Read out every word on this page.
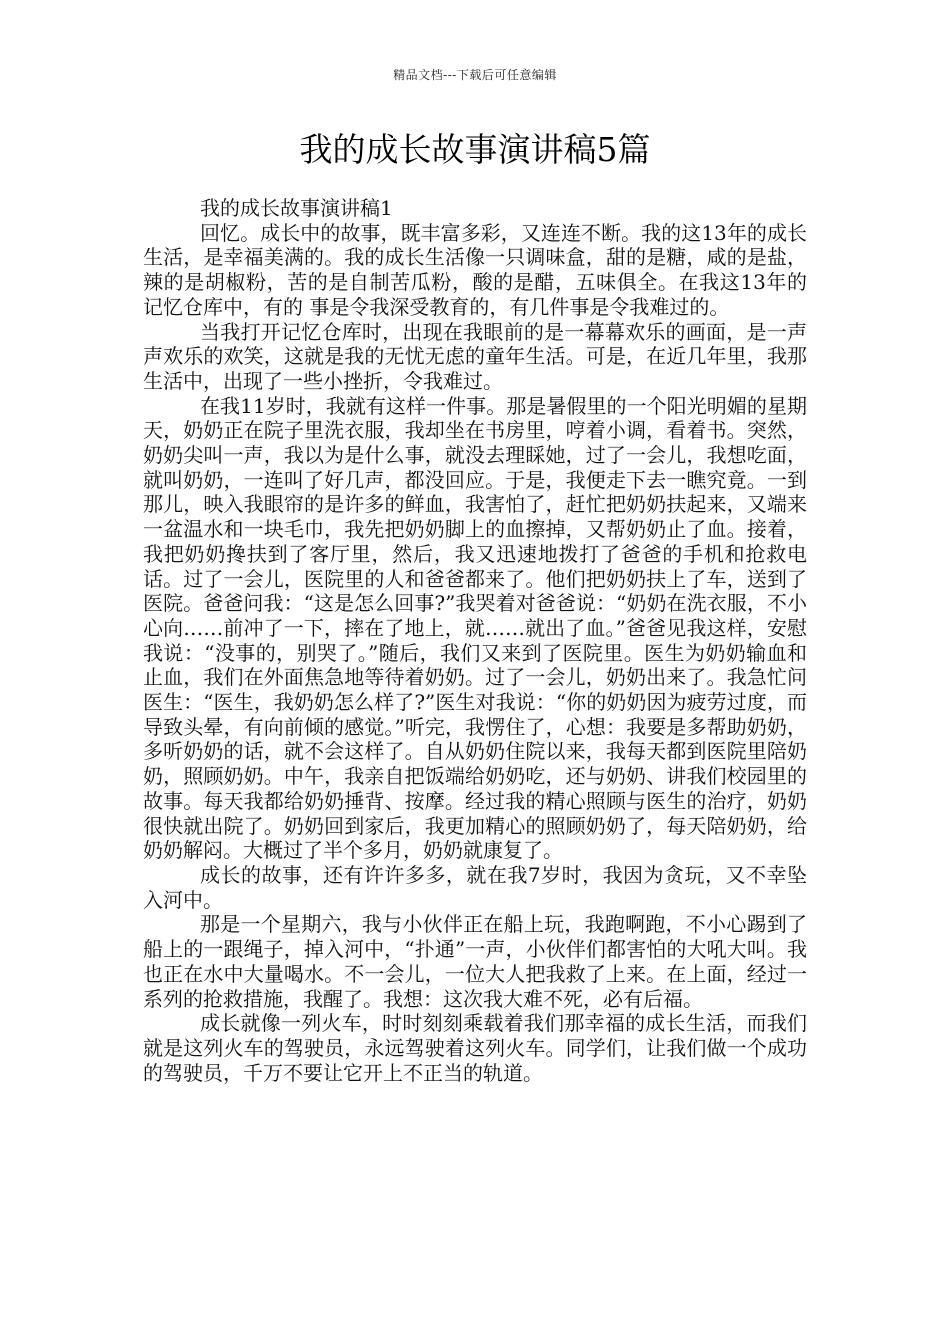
精品文档---下载后可任意编辑
我的成长故事演讲稿5篇

我的成长故事演讲稿1

回忆。成长中的故事，既丰富多彩，又连连不断。我的这13年的成长生活，是幸福美满的。我的成长生活像一只调味盒，甜的是糖，咸的是盐，辣的是胡椒粉，苦的是自制苦瓜粉，酸的是醋，五味俱全。在我这13年的记忆仓库中，有的 事是令我深受教育的，有几件事是令我难过的。

当我打开记忆仓库时，出现在我眼前的是一幕幕欢乐的画面，是一声声欢乐的欢笑，这就是我的无忧无虑的童年生活。可是，在近几年里，我那生活中，出现了一些小挫折，令我难过。

在我11岁时，我就有这样一件事。那是暑假里的一个阳光明媚的星期天，奶奶正在院子里洗衣服，我却坐在书房里，哼着小调，看着书。突然，奶奶尖叫一声，我以为是什么事，就没去理睬她，过了一会儿，我想吃面，就叫奶奶，一连叫了好几声，都没回应。于是，我便走下去一瞧究竟。一到那儿，映入我眼帘的是许多的鲜血，我害怕了，赶忙把奶奶扶起来，又端来一盆温水和一块毛巾，我先把奶奶脚上的血擦掉，又帮奶奶止了血。接着，我把奶奶搀扶到了客厅里，然后，我又迅速地拨打了爸爸的手机和抢救电话。过了一会儿，医院里的人和爸爸都来了。他们把奶奶扶上了车，送到了医院。爸爸问我：“这是怎么回事?”我哭着对爸爸说：“奶奶在洗衣服，不小心向……前冲了一下，摔在了地上，就……就出了血。”爸爸见我这样，安慰我说：“没事的，别哭了。”随后，我们又来到了医院里。医生为奶奶输血和止血，我们在外面焦急地等待着奶奶。过了一会儿，奶奶出来了。我急忙问医生：“医生，我奶奶怎么样了?”医生对我说：“你的奶奶因为疲劳过度，而导致头晕，有向前倾的感觉。”听完，我愣住了，心想：我要是多帮助奶奶，多听奶奶的话，就不会这样了。自从奶奶住院以来，我每天都到医院里陪奶奶，照顾奶奶。中午，我亲自把饭端给奶奶吃，还与奶奶、讲我们校园里的故事。每天我都给奶奶捶背、按摩。经过我的精心照顾与医生的治疗，奶奶很快就出院了。奶奶回到家后，我更加精心的照顾奶奶了，每天陪奶奶，给奶奶解闷。大概过了半个多月，奶奶就康复了。

成长的故事，还有许许多多，就在我7岁时，我因为贪玩，又不幸坠入河中。

那是一个星期六，我与小伙伴正在船上玩，我跑啊跑，不小心踢到了船上的一跟绳子，掉入河中，“扑通”一声，小伙伴们都害怕的大吼大叫。我也正在水中大量喝水。不一会儿，一位大人把我救了上来。在上面，经过一系列的抢救措施，我醒了。我想：这次我大难不死，必有后福。

成长就像一列火车，时时刻刻乘载着我们那幸福的成长生活，而我们就是这列火车的驾驶员，永远驾驶着这列火车。同学们，让我们做一个成功的驾驶员，千万不要让它开上不正当的轨道。
